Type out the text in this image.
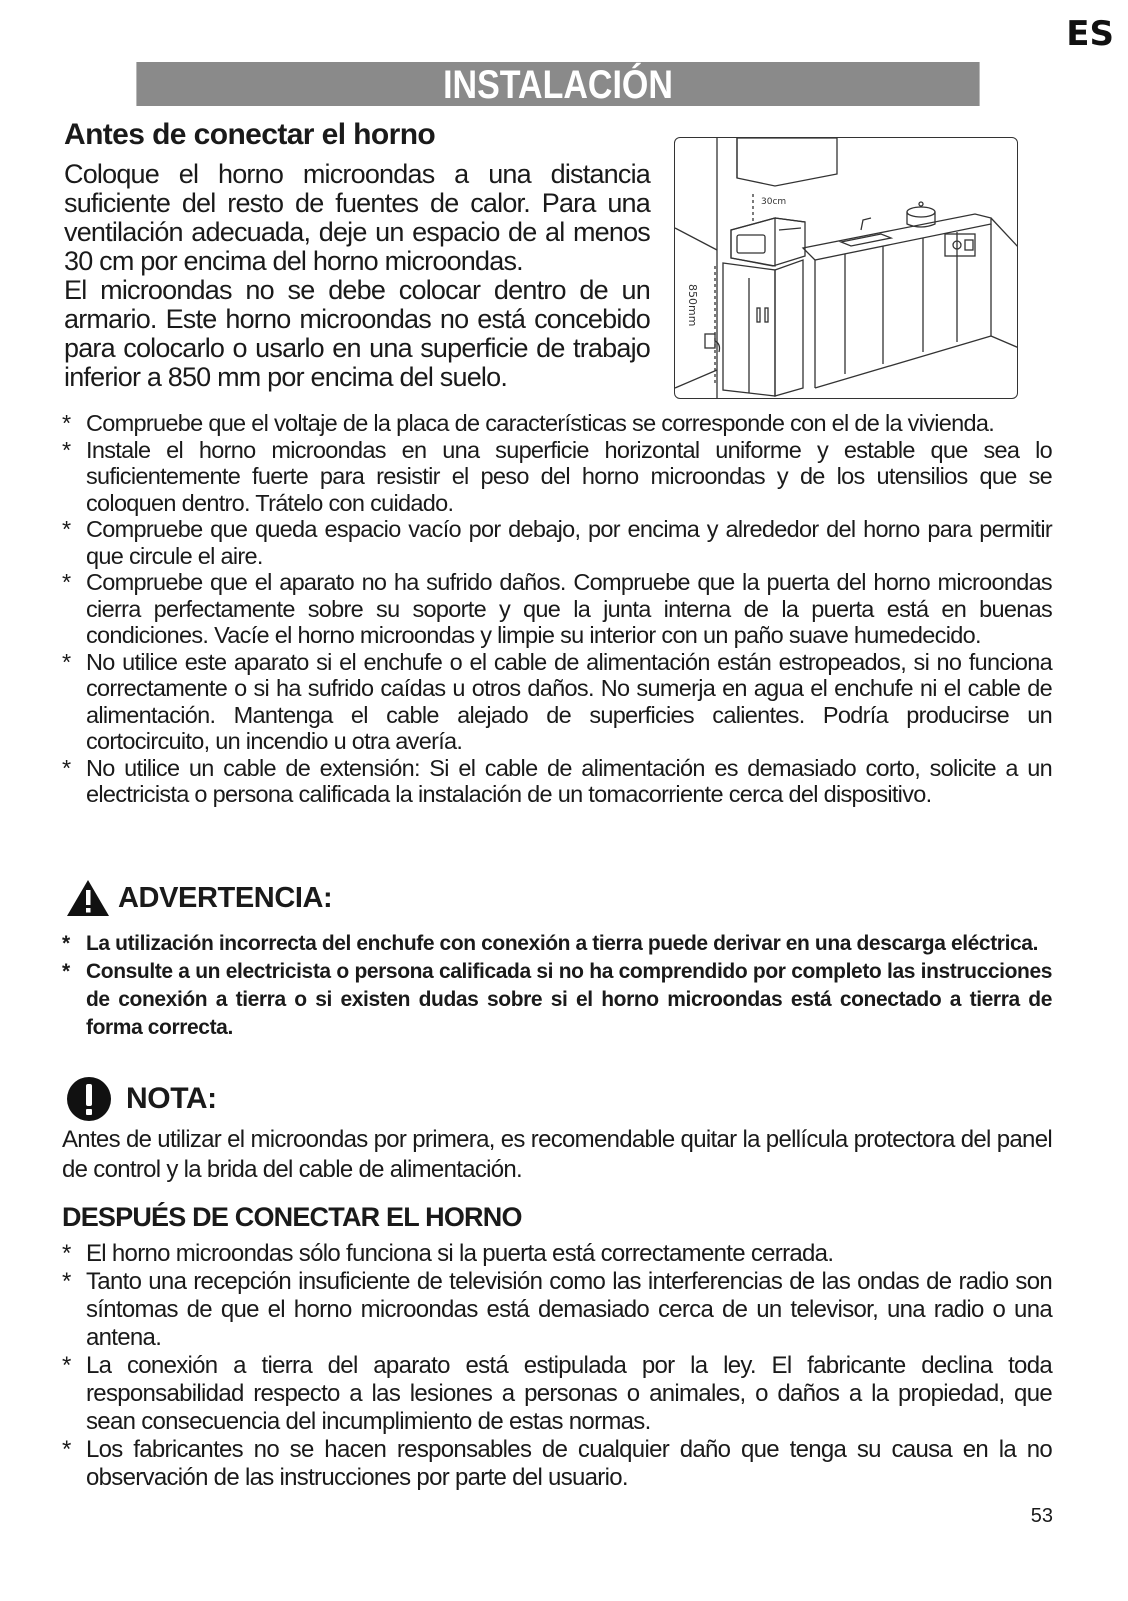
ES
INSTALACIÓN
Antes de conectar el horno

Coloque el horno microondas a una distancia suficiente del resto de fuentes de calor. Para una ventilación adecuada, deje un espacio de al menos 30 cm por encima del horno microondas.

El microondas no se debe colocar dentro de un armario. Este horno microondas no está concebido para colocarlo o usarlo en una superficie de trabajo inferior a 850 mm por encima del suelo.

30cm
850mm
* Compruebe que el voltaje de la placa de características se corresponde con el de la vivienda.
* Instale el horno microondas en una superficie horizontal uniforme y estable que sea lo suficientemente fuerte para resistir el peso del horno microondas y de los utensilios que se coloquen dentro. Trátelo con cuidado.
* Compruebe que queda espacio vacío por debajo, por encima y alrededor del horno para permitir que circule el aire.
* Compruebe que el aparato no ha sufrido daños. Compruebe que la puerta del horno microondas cierra perfectamente sobre su soporte y que la junta interna de la puerta está en buenas condiciones. Vacíe el horno microondas y limpie su interior con un paño suave humedecido.
* No utilice este aparato si el enchufe o el cable de alimentación están estropeados, si no funciona correctamente o si ha sufrido caídas u otros daños. No sumerja en agua el enchufe ni el cable de alimentación. Mantenga el cable alejado de superficies calientes. Podría producirse un cortocircuito, un incendio u otra avería.
* No utilice un cable de extensión: Si el cable de alimentación es demasiado corto, solicite a un electricista o persona calificada la instalación de un tomacorriente cerca del dispositivo.
ADVERTENCIA:
* La utilización incorrecta del enchufe con conexión a tierra puede derivar en una descarga eléctrica.
* Consulte a un electricista o persona calificada si no ha comprendido por completo las instrucciones de conexión a tierra o si existen dudas sobre si el horno microondas está conectado a tierra de forma correcta.
NOTA:

Antes de utilizar el microondas por primera, es recomendable quitar la pellícula protectora del panel de control y la brida del cable de alimentación.

DESPUÉS DE CONECTAR EL HORNO
* El horno microondas sólo funciona si la puerta está correctamente cerrada.
* Tanto una recepción insuficiente de televisión como las interferencias de las ondas de radio son síntomas de que el horno microondas está demasiado cerca de un televisor, una radio o una antena.
* La conexión a tierra del aparato está estipulada por la ley. El fabricante declina toda responsabilidad respecto a las lesiones a personas o animales, o daños a la propiedad, que sean consecuencia del incumplimiento de estas normas.
* Los fabricantes no se hacen responsables de cualquier daño que tenga su causa en la no observación de las instrucciones por parte del usuario.
53
